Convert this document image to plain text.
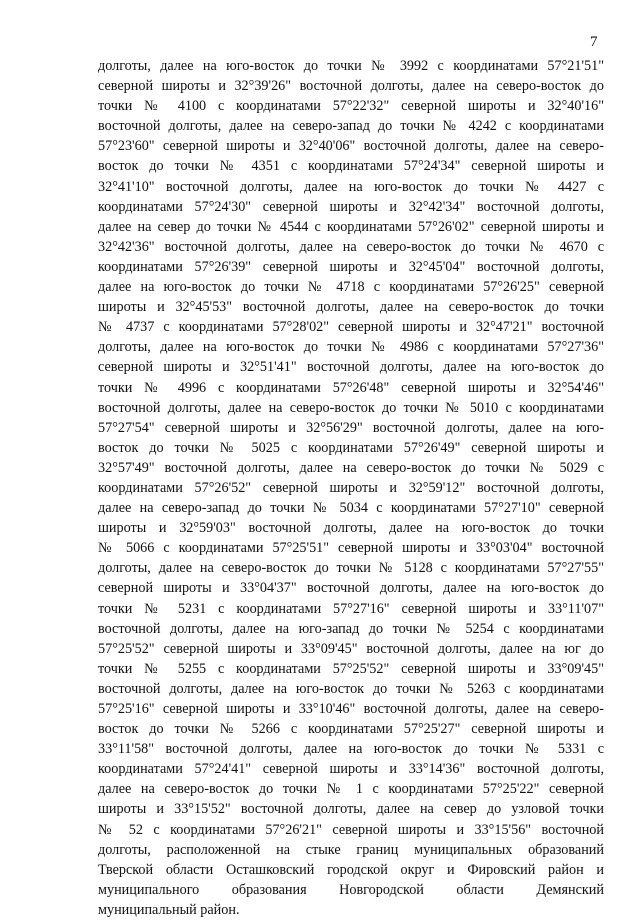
7
долготы, далее на юго-восток до точки № 3992 с координатами 57°21'51"
северной широты и 32°39'26" восточной долготы, далее на северо-восток до
точки № 4100 с координатами 57°22'32" северной широты и 32°40'16"
восточной долготы, далее на северо-запад до точки № 4242 с координатами
57°23'60" северной широты и 32°40'06" восточной долготы, далее на северо-
восток до точки № 4351 с координатами 57°24'34" северной широты и
32°41'10" восточной долготы, далее на юго-восток до точки № 4427 с
координатами 57°24'30" северной широты и 32°42'34" восточной долготы,
далее на север до точки № 4544 с координатами 57°26'02" северной широты и
32°42'36" восточной долготы, далее на северо-восток до точки № 4670 с
координатами 57°26'39" северной широты и 32°45'04" восточной долготы,
далее на юго-восток до точки № 4718 с координатами 57°26'25" северной
широты и 32°45'53" восточной долготы, далее на северо-восток до точки
№ 4737 с координатами 57°28'02" северной широты и 32°47'21" восточной
долготы, далее на юго-восток до точки № 4986 с координатами 57°27'36"
северной широты и 32°51'41" восточной долготы, далее на юго-восток до
точки № 4996 с координатами 57°26'48" северной широты и 32°54'46"
восточной долготы, далее на северо-восток до точки № 5010 с координатами
57°27'54" северной широты и 32°56'29" восточной долготы, далее на юго-
восток до точки № 5025 с координатами 57°26'49" северной широты и
32°57'49" восточной долготы, далее на северо-восток до точки № 5029 с
координатами 57°26'52" северной широты и 32°59'12" восточной долготы,
далее на северо-запад до точки № 5034 с координатами 57°27'10" северной
широты и 32°59'03" восточной долготы, далее на юго-восток до точки
№ 5066 с координатами 57°25'51" северной широты и 33°03'04" восточной
долготы, далее на северо-восток до точки № 5128 с координатами 57°27'55"
северной широты и 33°04'37" восточной долготы, далее на юго-восток до
точки № 5231 с координатами 57°27'16" северной широты и 33°11'07"
восточной долготы, далее на юго-запад до точки № 5254 с координатами
57°25'52" северной широты и 33°09'45" восточной долготы, далее на юг до
точки № 5255 с координатами 57°25'52" северной широты и 33°09'45"
восточной долготы, далее на юго-восток до точки № 5263 с координатами
57°25'16" северной широты и 33°10'46" восточной долготы, далее на северо-
восток до точки № 5266 с координатами 57°25'27" северной широты и
33°11'58" восточной долготы, далее на юго-восток до точки № 5331 с
координатами 57°24'41" северной широты и 33°14'36" восточной долготы,
далее на северо-восток до точки № 1 с координатами 57°25'22" северной
широты и 33°15'52" восточной долготы, далее на север до узловой точки
№ 52 с координатами 57°26'21" северной широты и 33°15'56" восточной
долготы, расположенной на стыке границ муниципальных образований
Тверской области Осташковский городской округ и Фировский район и
муниципального образования Новгородской области Демянский
муниципальный район.
